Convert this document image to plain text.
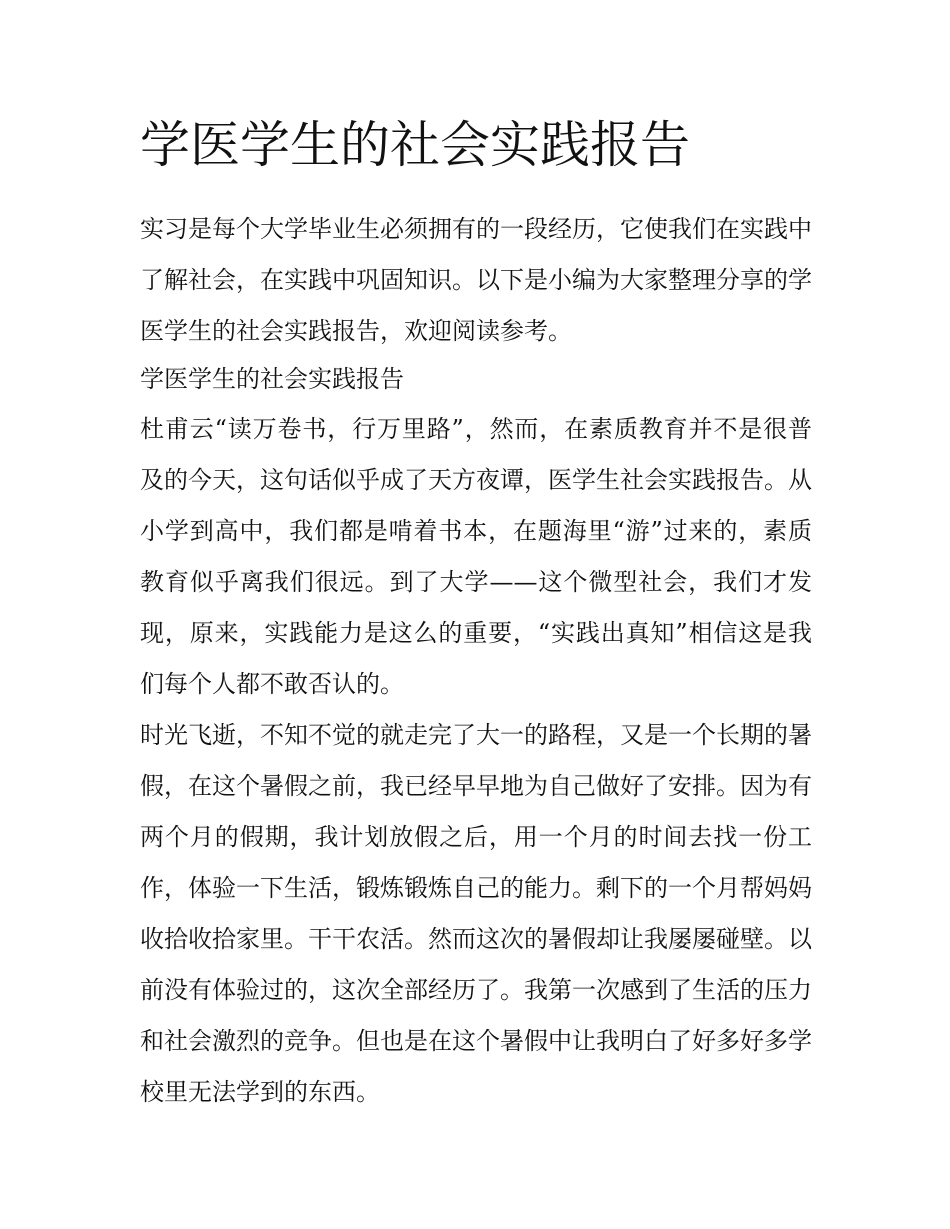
学医学生的社会实践报告

实习是每个大学毕业生必须拥有的一段经历，它使我们在实践中了解社会，在实践中巩固知识。以下是小编为大家整理分享的学医学生的社会实践报告，欢迎阅读参考。

学医学生的社会实践报告

杜甫云“读万卷书，行万里路”，然而，在素质教育并不是很普及的今天，这句话似乎成了天方夜谭，医学生社会实践报告。从小学到高中，我们都是啃着书本，在题海里“游”过来的，素质教育似乎离我们很远。到了大学——这个微型社会，我们才发现，原来，实践能力是这么的重要，“实践出真知”相信这是我们每个人都不敢否认的。

时光飞逝，不知不觉的就走完了大一的路程，又是一个长期的暑假，在这个暑假之前，我已经早早地为自己做好了安排。因为有两个月的假期，我计划放假之后，用一个月的时间去找一份工作，体验一下生活，锻炼锻炼自己的能力。剩下的一个月帮妈妈收拾收拾家里。干干农活。然而这次的暑假却让我屡屡碰壁。以前没有体验过的，这次全部经历了。我第一次感到了生活的压力和社会激烈的竞争。但也是在这个暑假中让我明白了好多好多学校里无法学到的东西。
